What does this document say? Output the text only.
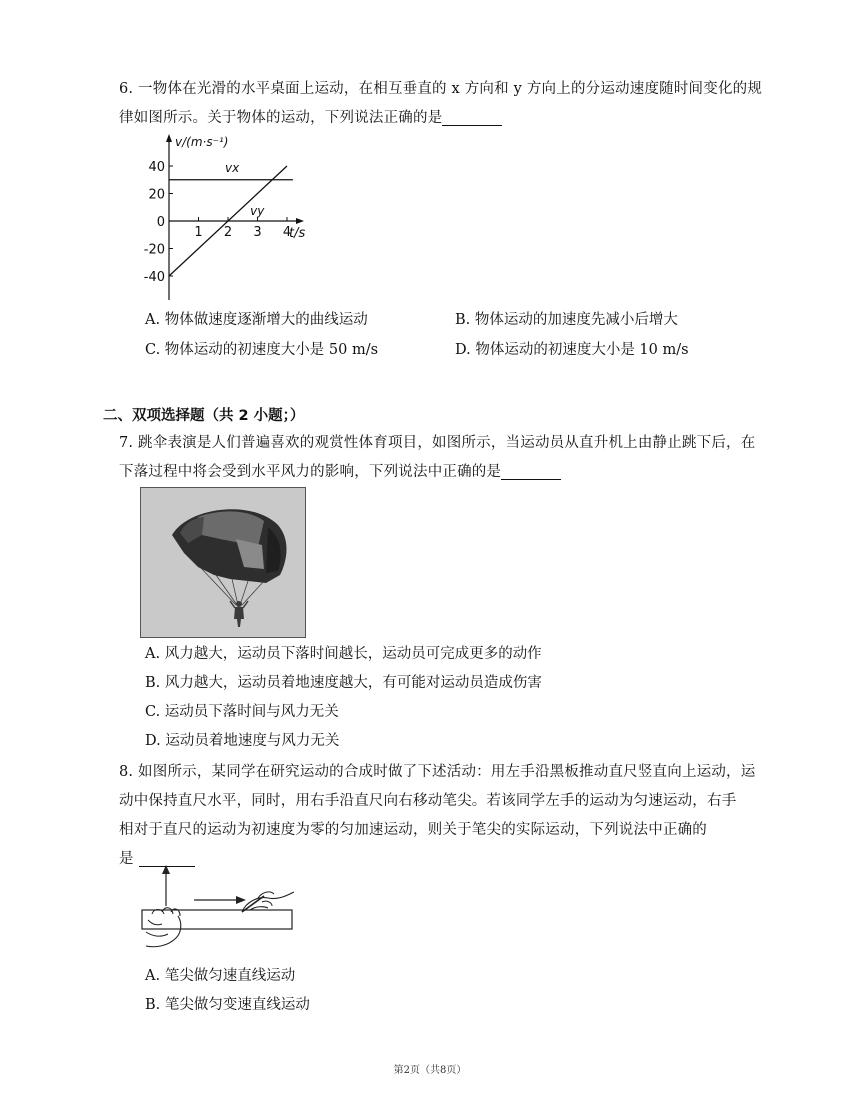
6. 一物体在光滑的水平桌面上运动，在相互垂直的 x 方向和 y 方向上的分运动速度随时间变化的规
律如图所示。关于物体的运动，下列说法正确的是
v/(m·s⁻¹)
t/s
40
20
0
-20
-40
1 2 3 4
vx
vy
A. 物体做速度逐渐增大的曲线运动	B. 物体运动的加速度先减小后增大
C. 物体运动的初速度大小是 50 m/s	D. 物体运动的初速度大小是 10 m/s
二、双项选择题（共 2 小题；）
7. 跳伞表演是人们普遍喜欢的观赏性体育项目，如图所示，当运动员从直升机上由静止跳下后，在
下落过程中将会受到水平风力的影响，下列说法中正确的是
A. 风力越大，运动员下落时间越长，运动员可完成更多的动作
B. 风力越大，运动员着地速度越大，有可能对运动员造成伤害
C. 运动员下落时间与风力无关
D. 运动员着地速度与风力无关
8. 如图所示，某同学在研究运动的合成时做了下述活动：用左手沿黑板推动直尺竖直向上运动，运
动中保持直尺水平，同时，用右手沿直尺向右移动笔尖。若该同学左手的运动为匀速运动，右手
相对于直尺的运动为初速度为零的匀加速运动，则关于笔尖的实际运动，下列说法中正确的
是
A. 笔尖做匀速直线运动
B. 笔尖做匀变速直线运动
第2页（共8页）
